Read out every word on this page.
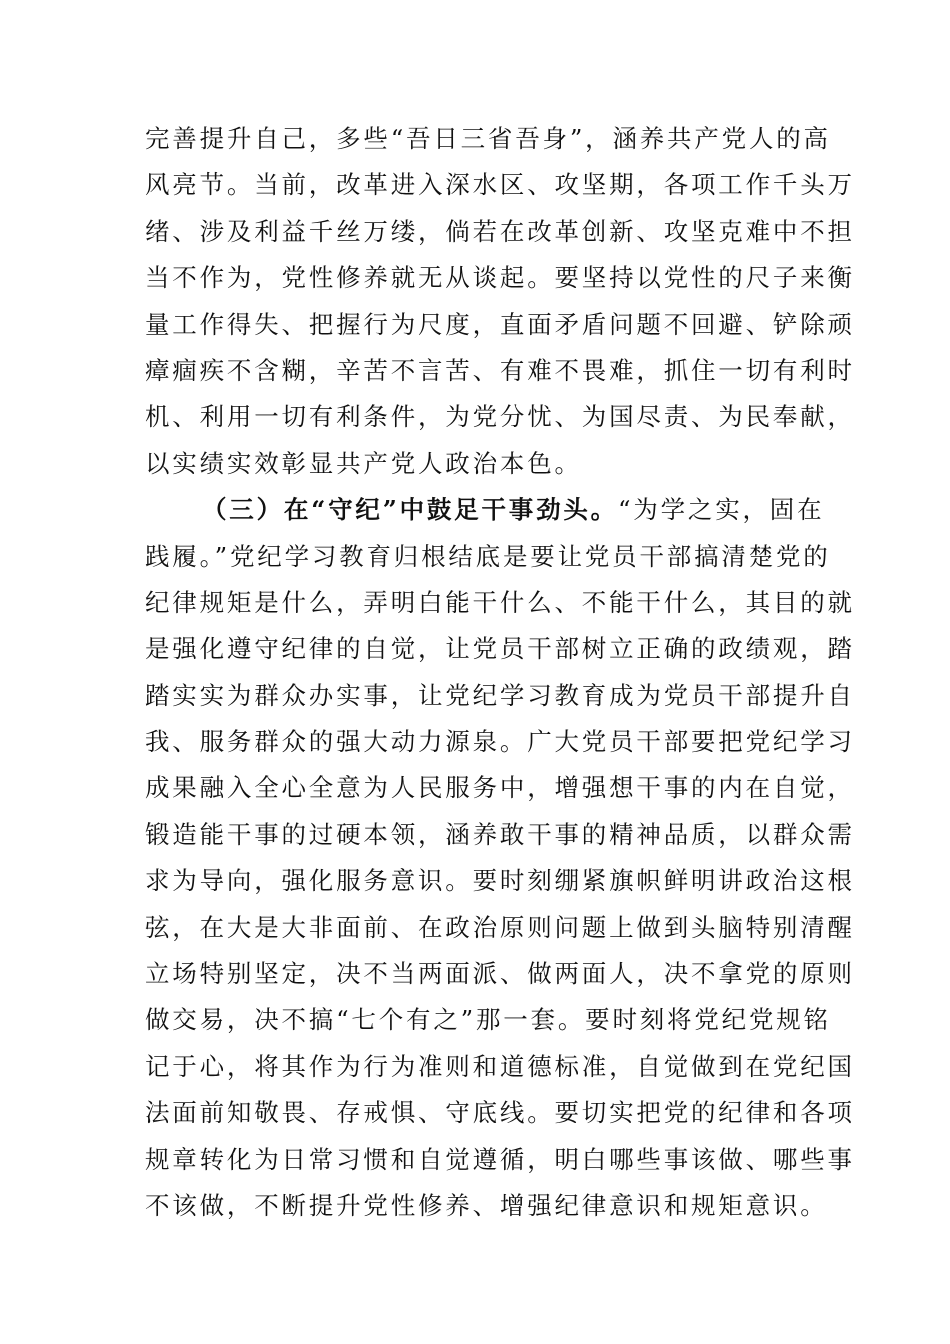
完善提升自己，多些“吾日三省吾身”，涵养共产党人的高
风亮节。当前，改革进入深水区、攻坚期，各项工作千头万
绪、涉及利益千丝万缕，倘若在改革创新、攻坚克难中不担
当不作为，党性修养就无从谈起。要坚持以党性的尺子来衡
量工作得失、把握行为尺度，直面矛盾问题不回避、铲除顽
瘴痼疾不含糊，辛苦不言苦、有难不畏难，抓住一切有利时
机、利用一切有利条件，为党分忧、为国尽责、为民奉献，
以实绩实效彰显共产党人政治本色。
（三）在“守纪”中鼓足干事劲头。“为学之实，固在
践履。”党纪学习教育归根结底是要让党员干部搞清楚党的
纪律规矩是什么，弄明白能干什么、不能干什么，其目的就
是强化遵守纪律的自觉，让党员干部树立正确的政绩观，踏
踏实实为群众办实事，让党纪学习教育成为党员干部提升自
我、服务群众的强大动力源泉。广大党员干部要把党纪学习
成果融入全心全意为人民服务中，增强想干事的内在自觉，
锻造能干事的过硬本领，涵养敢干事的精神品质，以群众需
求为导向，强化服务意识。要时刻绷紧旗帜鲜明讲政治这根
弦，在大是大非面前、在政治原则问题上做到头脑特别清醒
立场特别坚定，决不当两面派、做两面人，决不拿党的原则
做交易，决不搞“七个有之”那一套。要时刻将党纪党规铭
记于心，将其作为行为准则和道德标准，自觉做到在党纪国
法面前知敬畏、存戒惧、守底线。要切实把党的纪律和各项
规章转化为日常习惯和自觉遵循，明白哪些事该做、哪些事
不该做，不断提升党性修养、增强纪律意识和规矩意识。
